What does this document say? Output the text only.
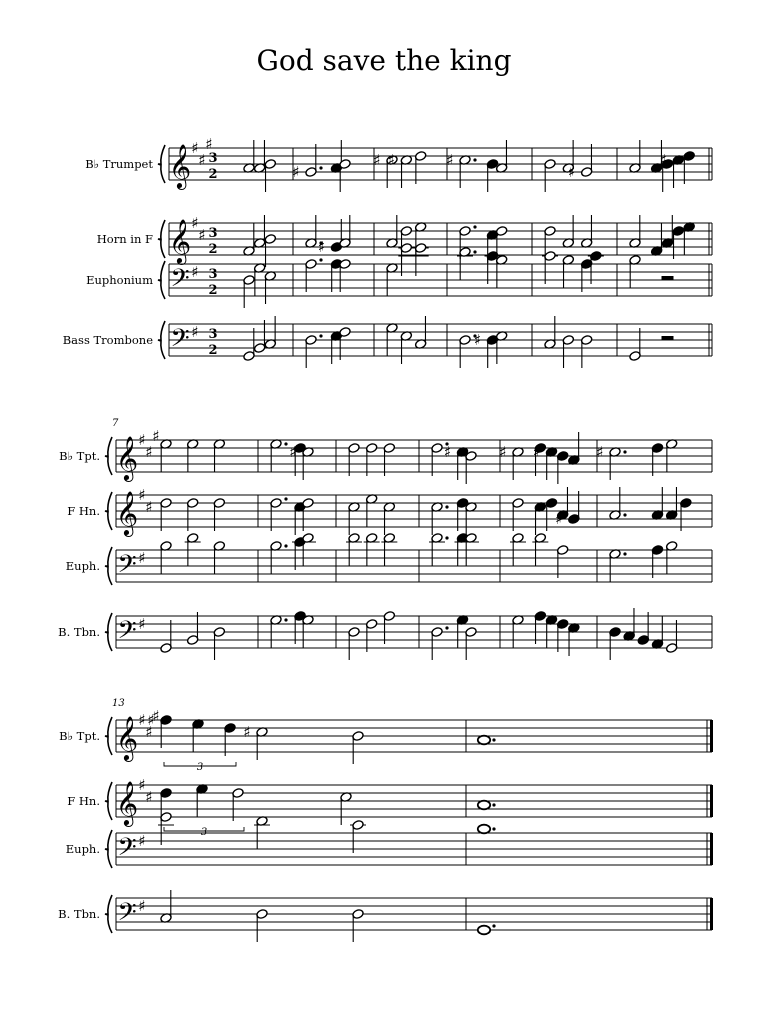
God save the king
B♭ Trumpet 𝄞 ♯
♯
♯
3
2
Horn in F 𝄞 ♯
♯ 3
2
Euphonium 𝄢 ♯ 3
2
Bass Trombone 𝄢 ♯ 3
2
♯
♯
♯ ♯	♯
♯
♯
♯
B♭ Tpt. 𝄞 ♯
♯
♯
F Hn. 𝄞 ♯
♯
Euph. 𝄢 ♯
B. Tbn. 𝄢 ♯
7
♯	♯	♯ ♯
♯
♯
B♭ Tpt. 𝄞 ♯
♯
♯
F Hn. 𝄞 ♯
♯
Euph. 𝄢 ♯
B. Tbn. 𝄢 ♯
13
♯
♯
3
3
